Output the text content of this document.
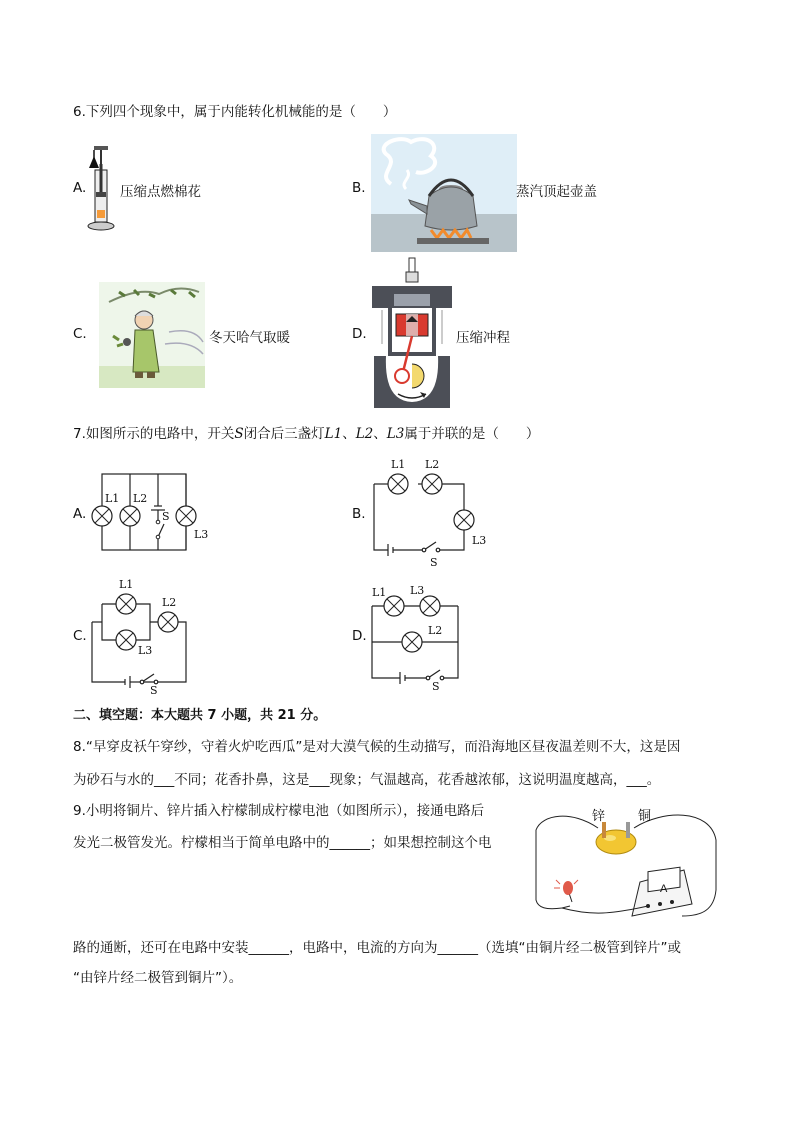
6.下列四个现象中，属于内能转化机械能的是（　　）
A. 压缩点燃棉花	B.	蒸汽顶起壶盖
C.	冬天哈气取暖	D.	压缩冲程
7.如图所示的电路中，开关S闭合后三盏灯L1、L2、L3属于并联的是（　　）
A.
L1 L2
S
L3
B.
L1 L2
L3
S
C.
L1
L2
L3
S
D.
L1 L3
L2
S
二、填空题：本大题共 7 小题，共 21 分。
8.“早穿皮袄午穿纱，守着火炉吃西瓜”是对大漠气候的生动描写，而沿海地区昼夜温差则不大，这是因
为砂石与水的___不同；花香扑鼻，这是___现象；气温越高，花香越浓郁，这说明温度越高，___。
9.小明将铜片、锌片插入柠檬制成柠檬电池（如图所示），接通电路后
发光二极管发光。柠檬相当于简单电路中的______；如果想控制这个电
锌	铜
A
路的通断，还可在电路中安装______，电路中，电流的方向为______（选填“由铜片经二极管到锌片”或
“由锌片经二极管到铜片”）。
